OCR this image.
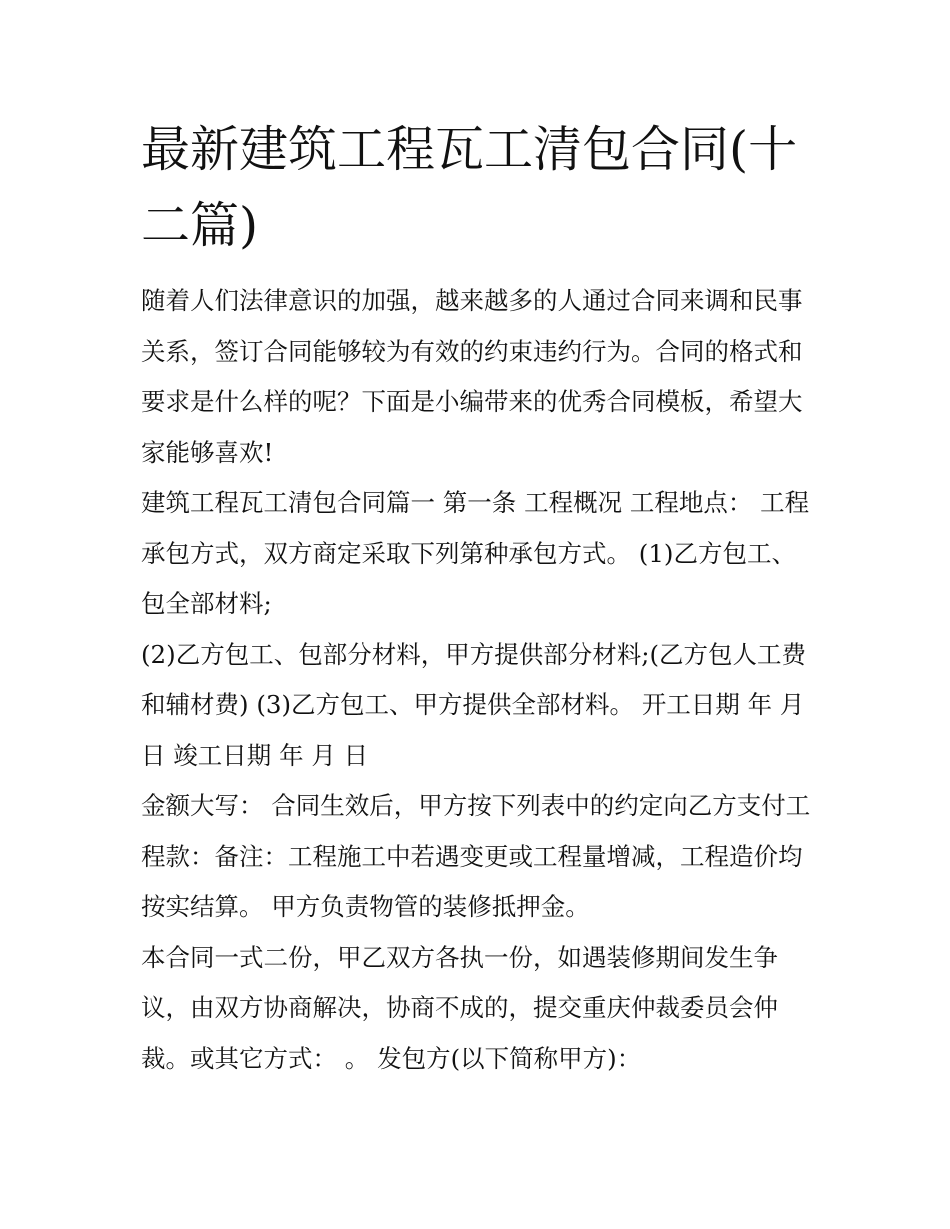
最新建筑工程瓦工清包合同(十二篇)

随着人们法律意识的加强，越来越多的人通过合同来调和民事关系，签订合同能够较为有效的约束违约行为。合同的格式和要求是什么样的呢？下面是小编带来的优秀合同模板，希望大家能够喜欢!

建筑工程瓦工清包合同篇一 第一条 工程概况 工程地点： 工程承包方式，双方商定采取下列第种承包方式。 (1)乙方包工、包全部材料;

(2)乙方包工、包部分材料，甲方提供部分材料;(乙方包人工费和辅材费) (3)乙方包工、甲方提供全部材料。 开工日期 年 月 日 竣工日期 年 月 日

金额大写： 合同生效后，甲方按下列表中的约定向乙方支付工程款：备注：工程施工中若遇变更或工程量增减，工程造价均按实结算。 甲方负责物管的装修抵押金。

本合同一式二份，甲乙双方各执一份，如遇装修期间发生争议，由双方协商解决，协商不成的，提交重庆仲裁委员会仲裁。或其它方式： 。 发包方(以下简称甲方)：
